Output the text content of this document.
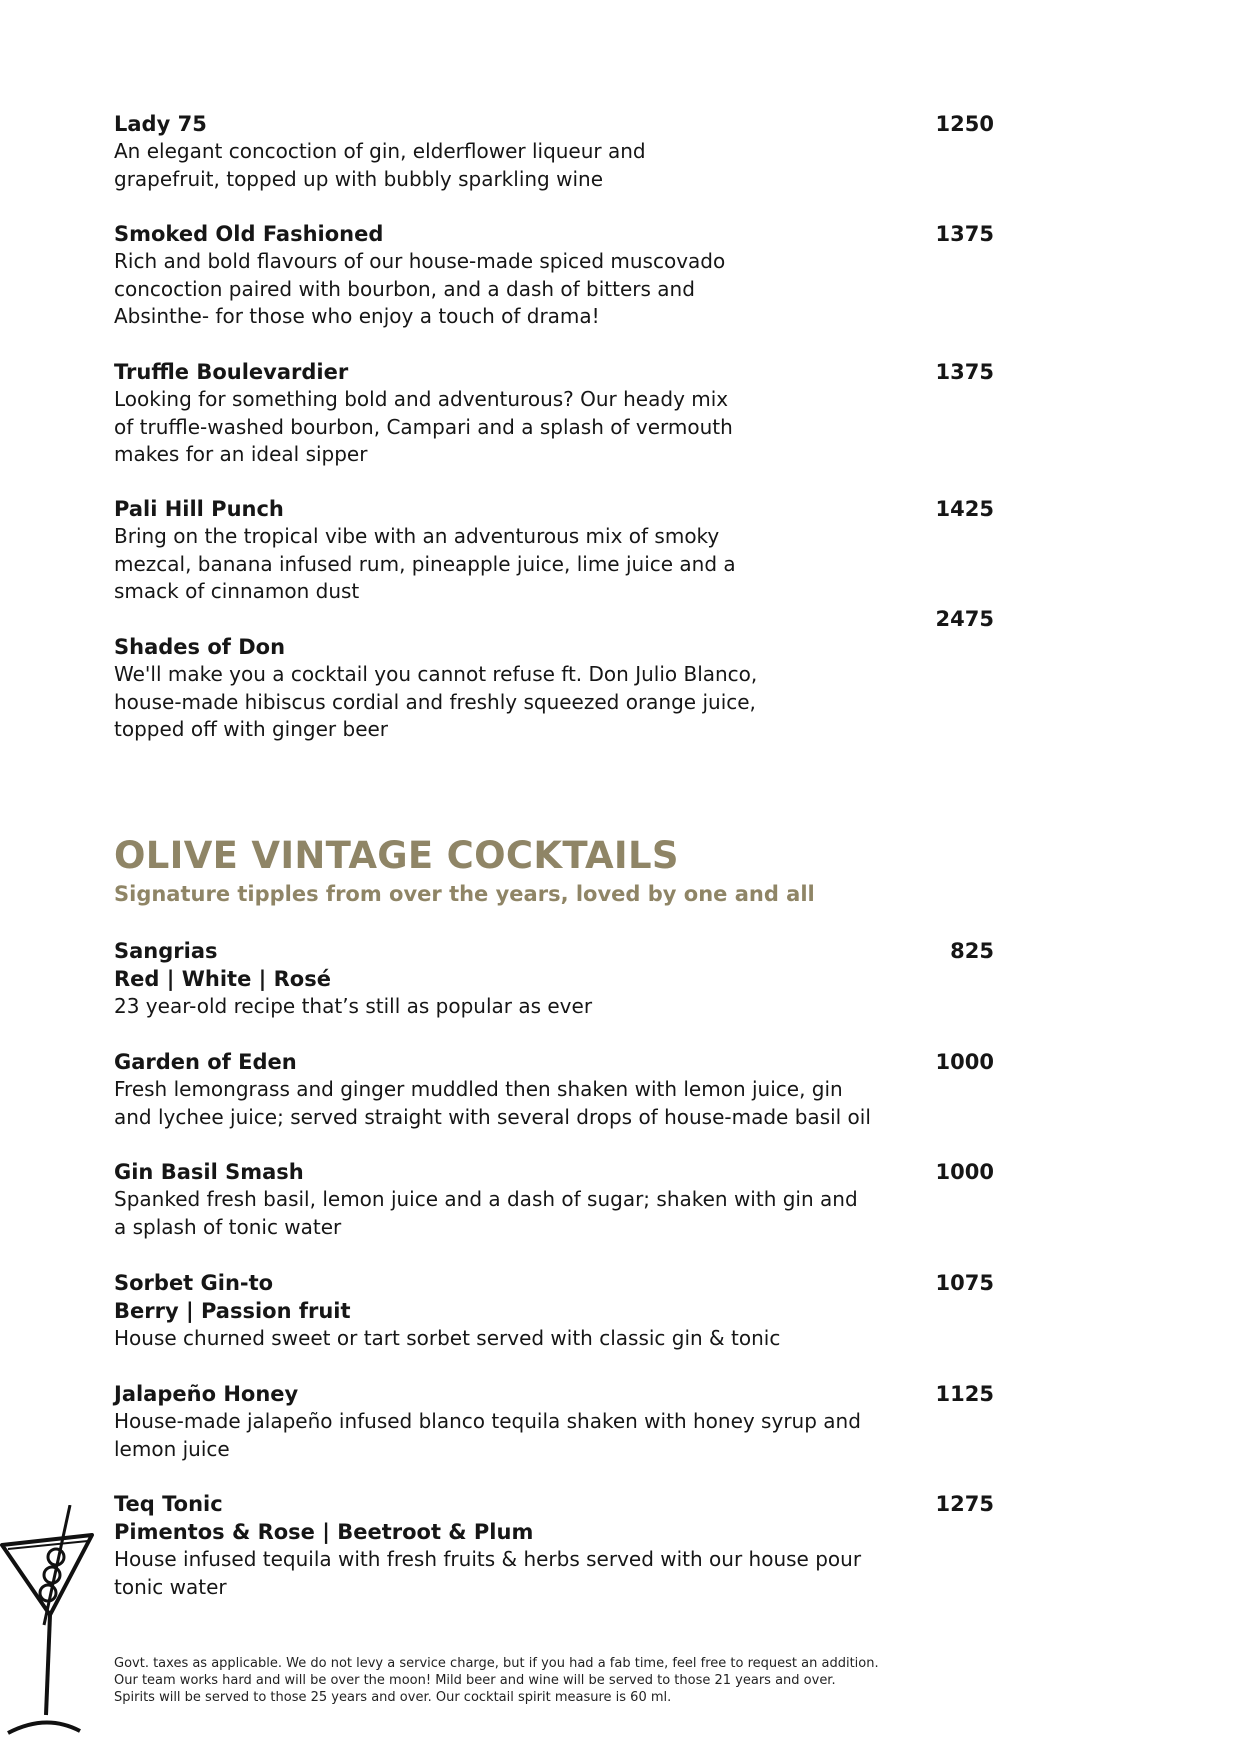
Lady 75
An elegant concoction of gin, elderflower liqueur and
grapefruit, topped up with bubbly sparkling wine
1250
Smoked Old Fashioned
Rich and bold flavours of our house-made spiced muscovado
concoction paired with bourbon, and a dash of bitters and
Absinthe- for those who enjoy a touch of drama!
1375
Truffle Boulevardier
Looking for something bold and adventurous? Our heady mix
of truffle-washed bourbon, Campari and a splash of vermouth
makes for an ideal sipper
1375
Pali Hill Punch
Bring on the tropical vibe with an adventurous mix of smoky
mezcal, banana infused rum, pineapple juice, lime juice and a
smack of cinnamon dust
1425
Shades of Don
We'll make you a cocktail you cannot refuse ft. Don Julio Blanco,
house-made hibiscus cordial and freshly squeezed orange juice,
topped off with ginger beer
2475
OLIVE VINTAGE COCKTAILS
Signature tipples from over the years, loved by one and all
Sangrias
Red | White | Rosé
23 year-old recipe that’s still as popular as ever
825
Garden of Eden
Fresh lemongrass and ginger muddled then shaken with lemon juice, gin
and lychee juice; served straight with several drops of house-made basil oil
1000
Gin Basil Smash
Spanked fresh basil, lemon juice and a dash of sugar; shaken with gin and
a splash of tonic water
1000
Sorbet Gin-to
Berry | Passion fruit
House churned sweet or tart sorbet served with classic gin & tonic
1075
Jalapeño Honey
House-made jalapeño infused blanco tequila shaken with honey syrup and
lemon juice
1125
Teq Tonic
Pimentos & Rose | Beetroot & Plum
House infused tequila with fresh fruits & herbs served with our house pour
tonic water
1275
Govt. taxes as applicable. We do not levy a service charge, but if you had a fab time, feel free to request an addition.
Our team works hard and will be over the moon! Mild beer and wine will be served to those 21 years and over.
Spirits will be served to those 25 years and over. Our cocktail spirit measure is 60 ml.
